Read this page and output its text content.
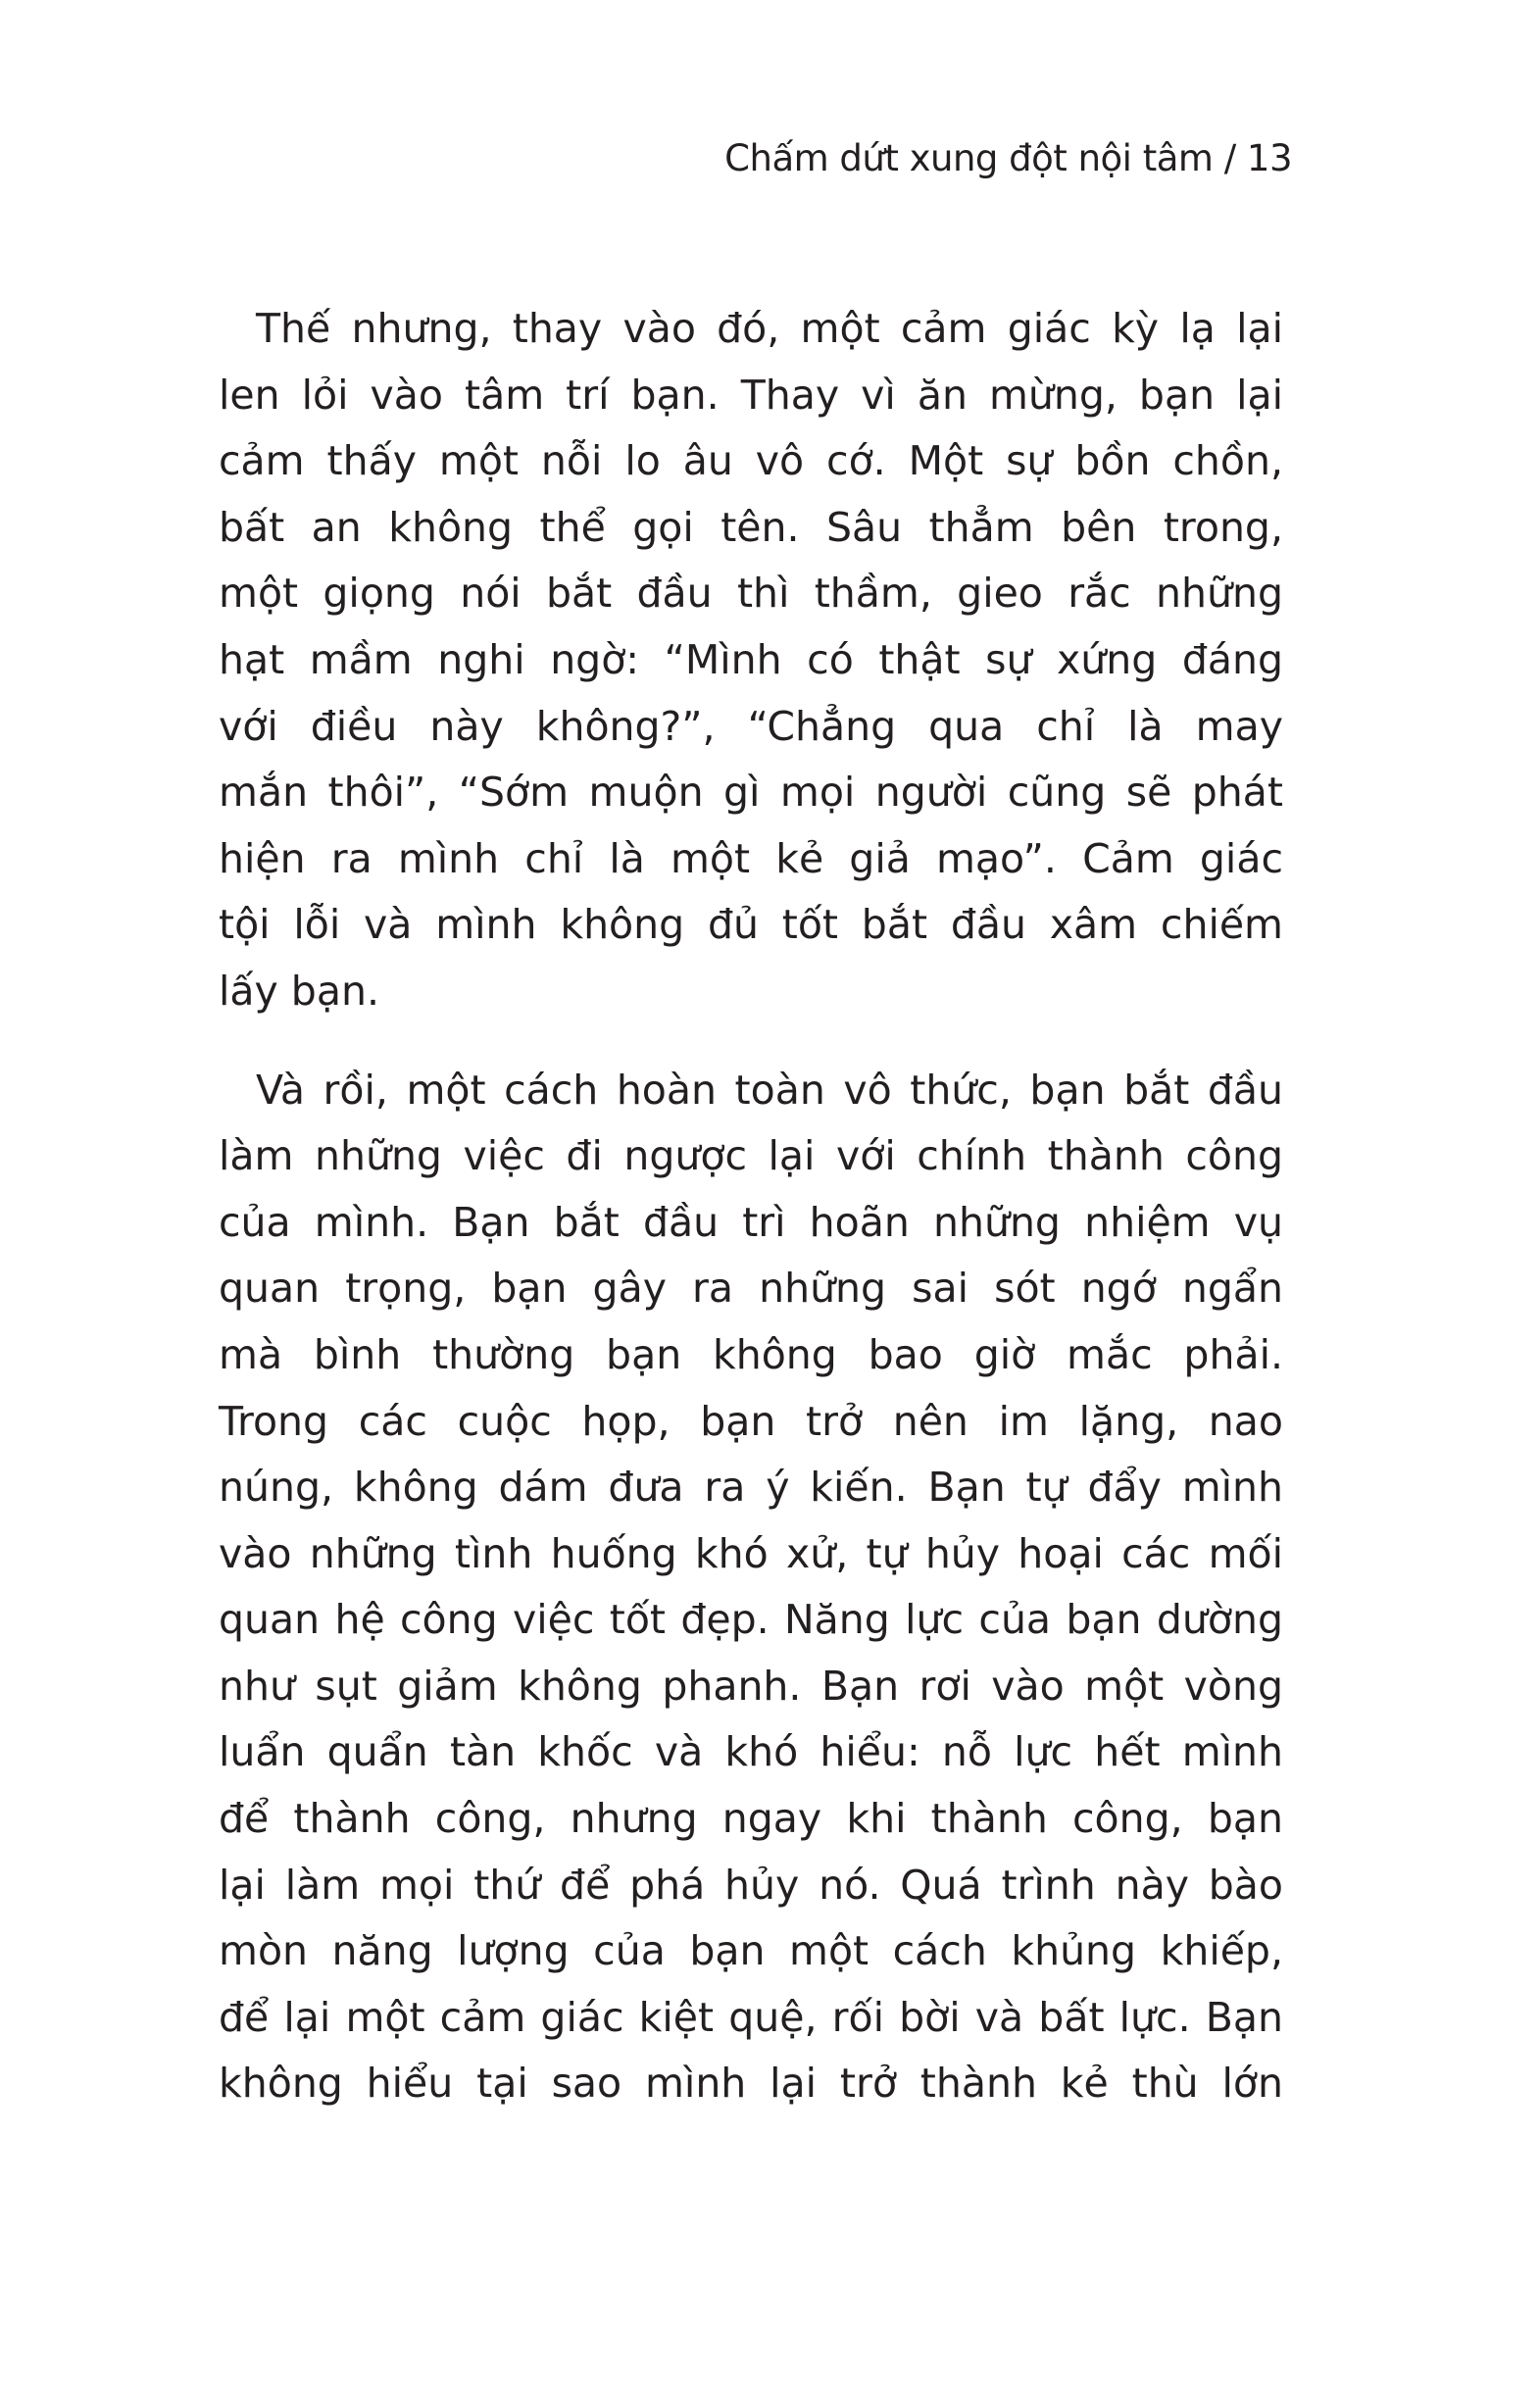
Chấm dứt xung đột nội tâm / 13

Thế nhưng, thay vào đó, một cảm giác kỳ lạ lại
len lỏi vào tâm trí bạn. Thay vì ăn mừng, bạn lại
cảm thấy một nỗi lo âu vô cớ. Một sự bồn chồn,
bất an không thể gọi tên. Sâu thẳm bên trong,
một giọng nói bắt đầu thì thầm, gieo rắc những
hạt mầm nghi ngờ: “Mình có thật sự xứng đáng
với điều này không?”, “Chẳng qua chỉ là may
mắn thôi”, “Sớm muộn gì mọi người cũng sẽ phát
hiện ra mình chỉ là một kẻ giả mạo”. Cảm giác
tội lỗi và mình không đủ tốt bắt đầu xâm chiếm
lấy bạn.

Và rồi, một cách hoàn toàn vô thức, bạn bắt đầu
làm những việc đi ngược lại với chính thành công
của mình. Bạn bắt đầu trì hoãn những nhiệm vụ
quan trọng, bạn gây ra những sai sót ngớ ngẩn
mà bình thường bạn không bao giờ mắc phải.
Trong các cuộc họp, bạn trở nên im lặng, nao
núng, không dám đưa ra ý kiến. Bạn tự đẩy mình
vào những tình huống khó xử, tự hủy hoại các mối
quan hệ công việc tốt đẹp. Năng lực của bạn dường
như sụt giảm không phanh. Bạn rơi vào một vòng
luẩn quẩn tàn khốc và khó hiểu: nỗ lực hết mình
để thành công, nhưng ngay khi thành công, bạn
lại làm mọi thứ để phá hủy nó. Quá trình này bào
mòn năng lượng của bạn một cách khủng khiếp,
để lại một cảm giác kiệt quệ, rối bời và bất lực. Bạn
không hiểu tại sao mình lại trở thành kẻ thù lớn
